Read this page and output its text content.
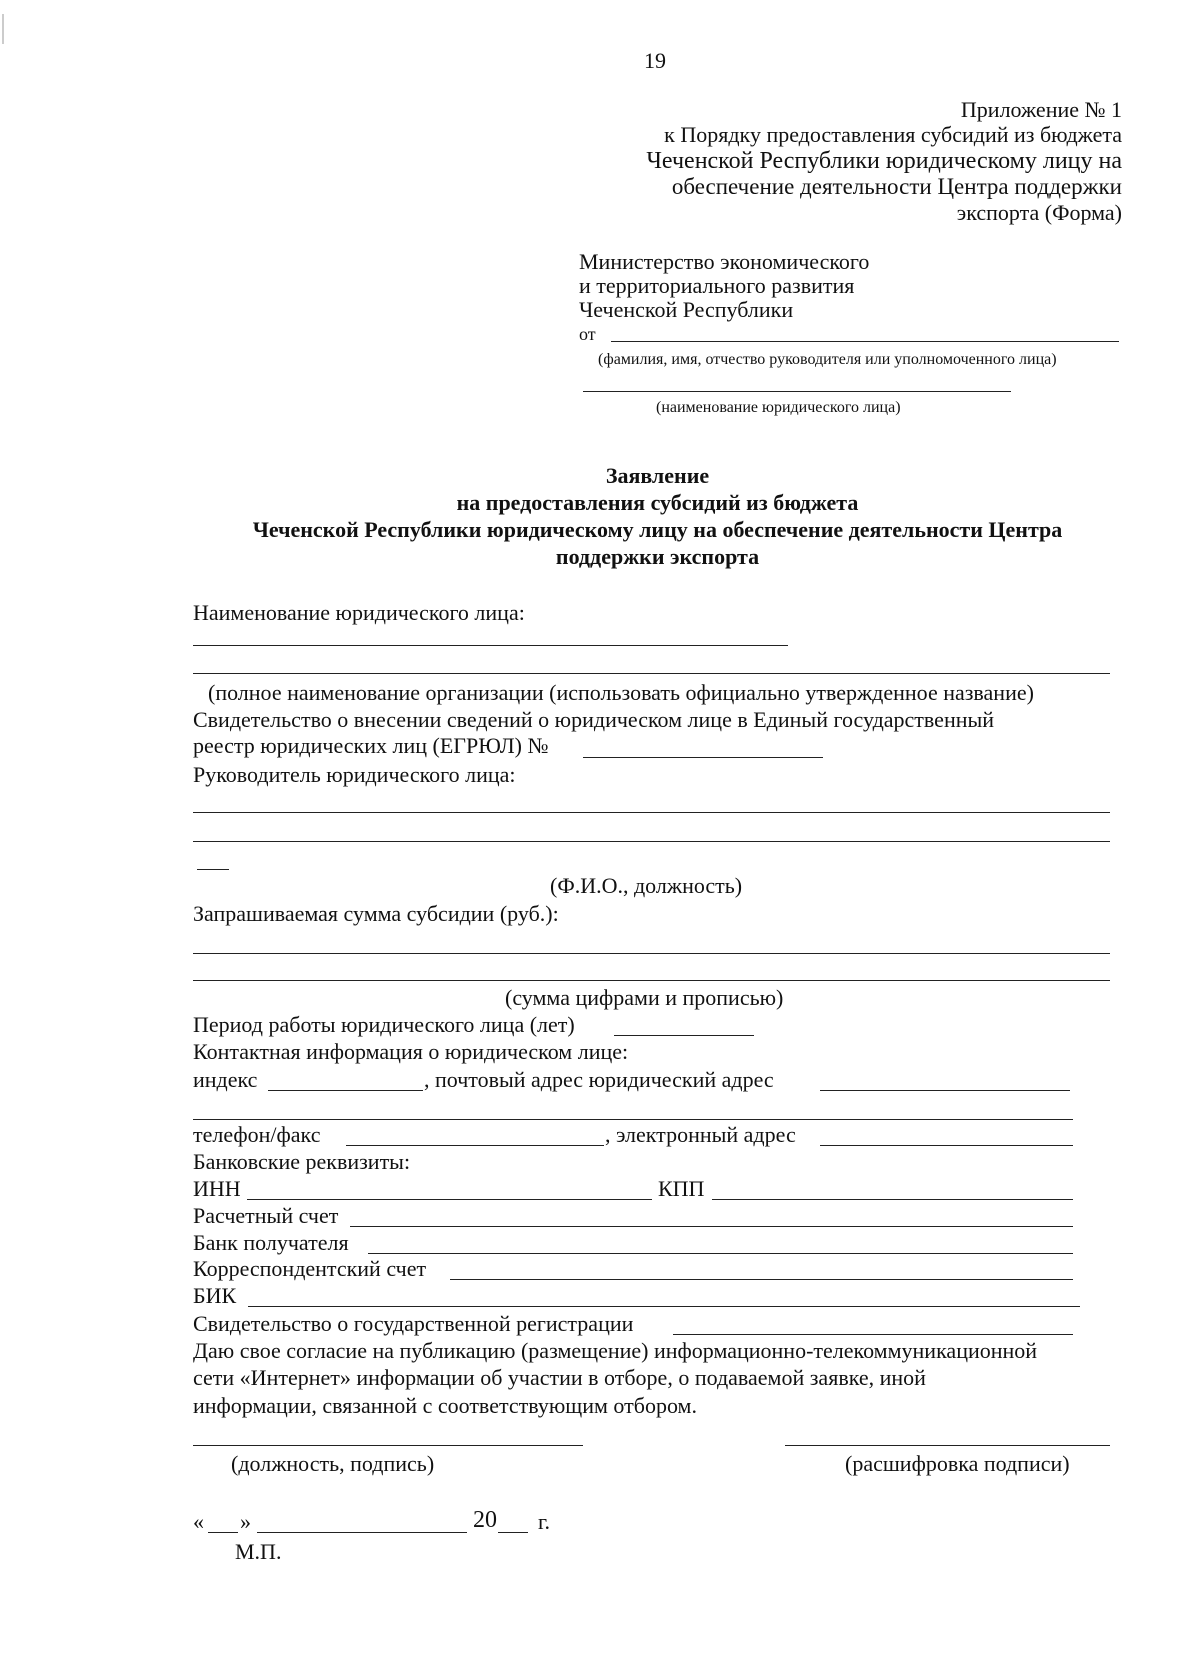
19
Приложение № 1
к Порядку предоставления субсидий из бюджета
Чеченской Республики юридическому лицу на
обеспечение деятельности Центра поддержки
экспорта (Форма)
Министерство экономического
и территориального развития
Чеченской Республики
от
(фамилия, имя, отчество руководителя или уполномоченного лица)
(наименование юридического лица)
Заявление
на предоставления субсидий из бюджета
Чеченской Республики юридическому лицу на обеспечение деятельности Центра
поддержки экспорта
Наименование юридического лица:
(полное наименование организации (использовать официально утвержденное название)
Свидетельство о внесении сведений о юридическом лице в Единый государственный
реестр юридических лиц (ЕГРЮЛ) №
Руководитель юридического лица:
(Ф.И.О., должность)
Запрашиваемая сумма субсидии (руб.):
(сумма цифрами и прописью)
Период работы юридического лица (лет)
Контактная информация о юридическом лице:
индекс	, почтовый адрес юридический адрес
телефон/факс	, электронный адрес
Банковские реквизиты:
ИНН	КПП
Расчетный счет
Банк получателя
Корреспондентский счет
БИК
Свидетельство о государственной регистрации
Даю свое согласие на публикацию (размещение) информационно-телекоммуникационной
сети «Интернет» информации об участии в отборе, о подаваемой заявке, иной
информации, связанной с соответствующим отбором.
(должность, подпись)	(расшифровка подписи)
« »	20 г.
М.П.
